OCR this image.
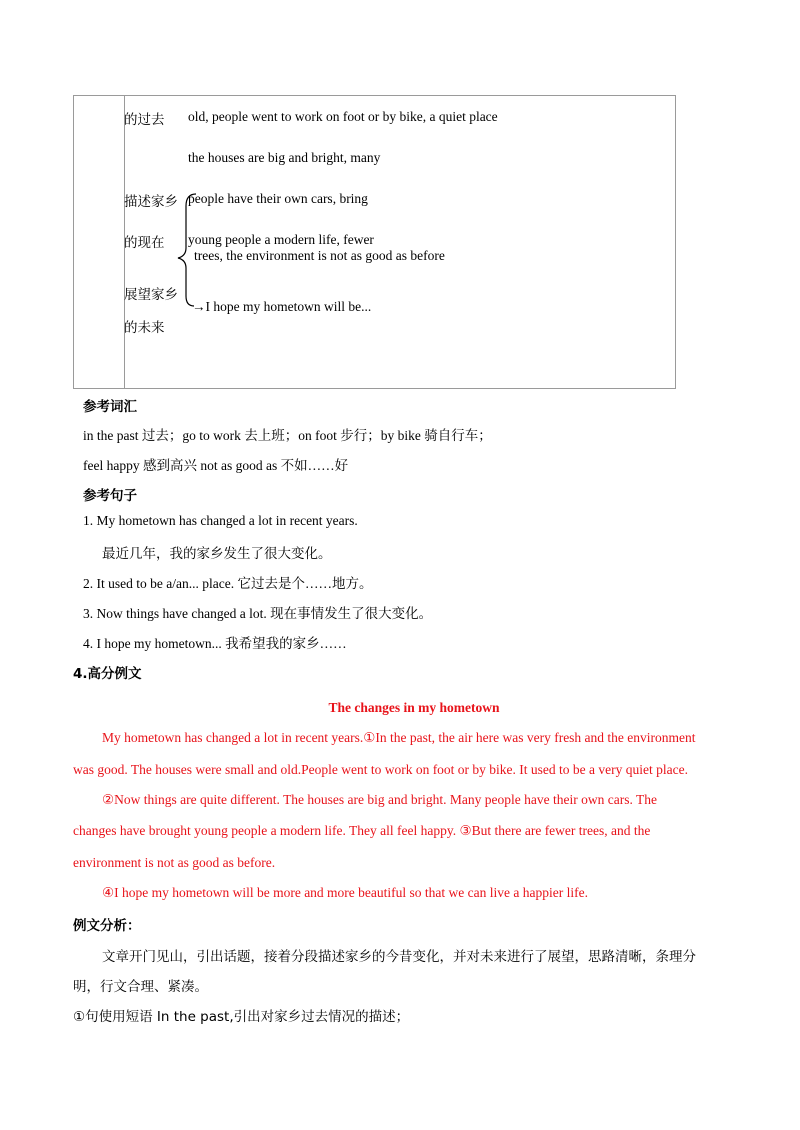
的过去
描述家乡
的现在
展望家乡
的未来
old, people went to work on foot or by bike, a quiet place
the houses are big and bright, many
people have their own cars, bring
young people a modern life, fewer
trees, the environment is not as good as before
→I hope my hometown will be...
参考词汇
in the past 过去；go to work 去上班；on foot 步行；by bike 骑自行车；
feel happy 感到高兴 not as good as 不如……好
参考句子
1. My hometown has changed a lot in recent years.
最近几年，我的家乡发生了很大变化。
2. It used to be a/an... place. 它过去是个……地方。
3. Now things have changed a lot. 现在事情发生了很大变化。
4. I hope my hometown... 我希望我的家乡……
4.高分例文
The changes in my hometown
My hometown has changed a lot in recent years.①In the past, the air here was very fresh and the environment
was good. The houses were small and old.People went to work on foot or by bike. It used to be a very quiet place.
②Now things are quite different. The houses are big and bright. Many people have their own cars. The
changes have brought young people a modern life. They all feel happy. ③But there are fewer trees, and the
environment is not as good as before.
④I hope my hometown will be more and more beautiful so that we can live a happier life.
例文分析：
文章开门见山，引出话题，接着分段描述家乡的今昔变化，并对未来进行了展望，思路清晰，条理分
明，行文合理、紧凑。
①句使用短语 In the past,引出对家乡过去情况的描述；
